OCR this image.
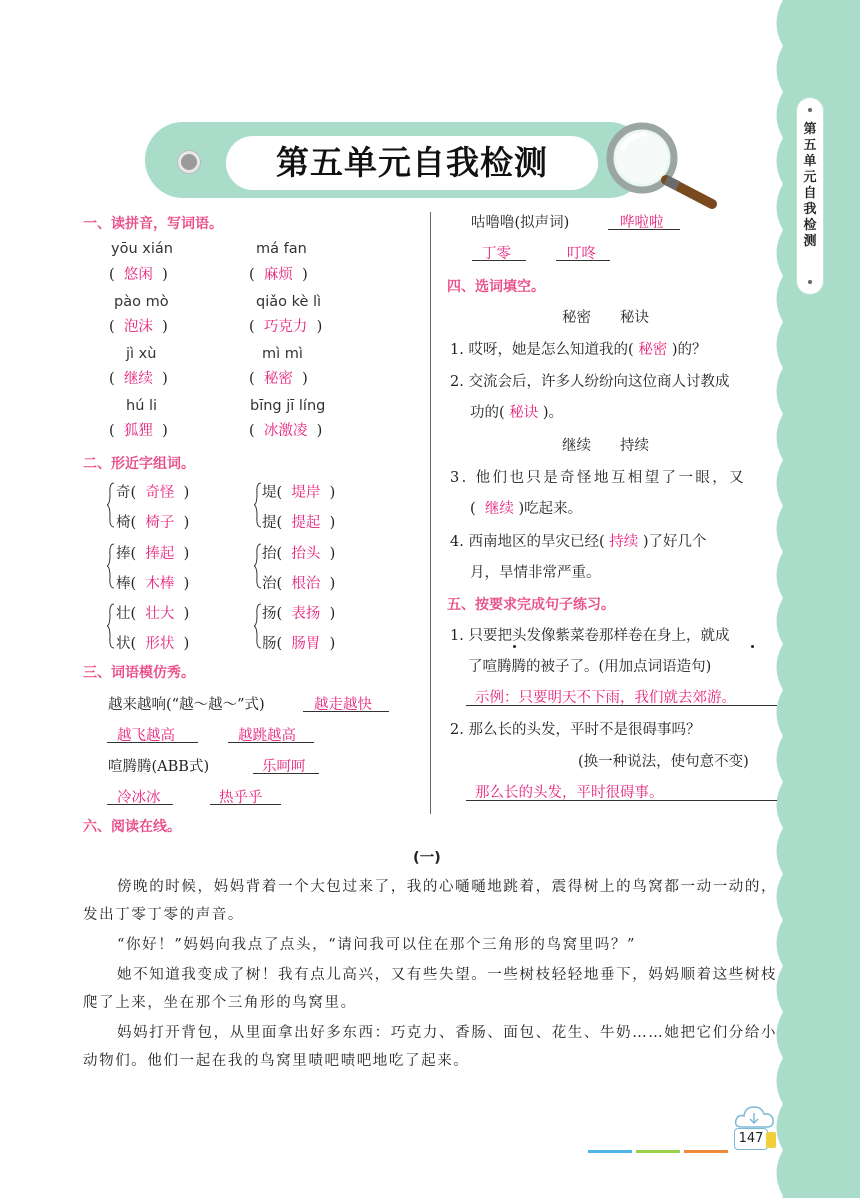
第
五
单
元
自
我
检
测
第五单元自我检测
一、读拼音，写词语。
yōu xián
(  悠闲  )
má fan
(  麻烦  )
pào mò
(  泡沫  )
qiǎo kè lì
(  巧克力  )
jì xù
(  继续  )
mì mì
(  秘密  )
hú li
(  狐狸  )
bīng jī líng
(  冰激凌  )
二、形近字组词。
奇(  奇怪  )
椅(  椅子  )
堤(  堤岸  )
提(  提起  )
捧(  捧起  )
棒(  木棒  )
抬(  抬头  )
治(  根治  )
壮(  壮大  )
状(  形状  )
扬(  表扬  )
肠(  肠胃  )
三、词语模仿秀。
越来越响(“越～越～”式)	越走越快
越飞越高	越跳越高
喧腾腾(ABB式)	乐呵呵
冷冰冰	热乎乎
咕噜噜(拟声词)	哗啦啦
丁零	叮咚
四、选词填空。
秘密　　秘诀
1. 哎呀，她是怎么知道我的( 秘密 )的？
2. 交流会后，许多人纷纷向这位商人讨教成
功的( 秘诀 )。
继续　　持续
3. 他们也只是奇怪地互相望了一眼，又
( 继续 )吃起来。
4. 西南地区的旱灾已经( 持续 )了好几个
月，旱情非常严重。
五、按要求完成句子练习。
1. 只要把头发像紫菜卷那样卷在身上，就成
了喧腾腾的被子了。(用加点词语造句)
示例：只要明天不下雨，我们就去郊游。
2. 那么长的头发，平时不是很碍事吗？
(换一种说法，使句意不变)
那么长的头发，平时很碍事。
六、阅读在线。
(一)
傍晚的时候，妈妈背着一个大包过来了，我的心嗵嗵地跳着，震得树上的鸟窝都一动一动的，发出丁零丁零的声音。
“你好！”妈妈向我点了点头，“请问我可以住在那个三角形的鸟窝里吗？”
她不知道我变成了树！我有点儿高兴，又有些失望。一些树枝轻轻地垂下，妈妈顺着这些树枝爬了上来，坐在那个三角形的鸟窝里。
妈妈打开背包，从里面拿出好多东西：巧克力、香肠、面包、花生、牛奶……她把它们分给小动物们。他们一起在我的鸟窝里啧吧啧吧地吃了起来。
147
